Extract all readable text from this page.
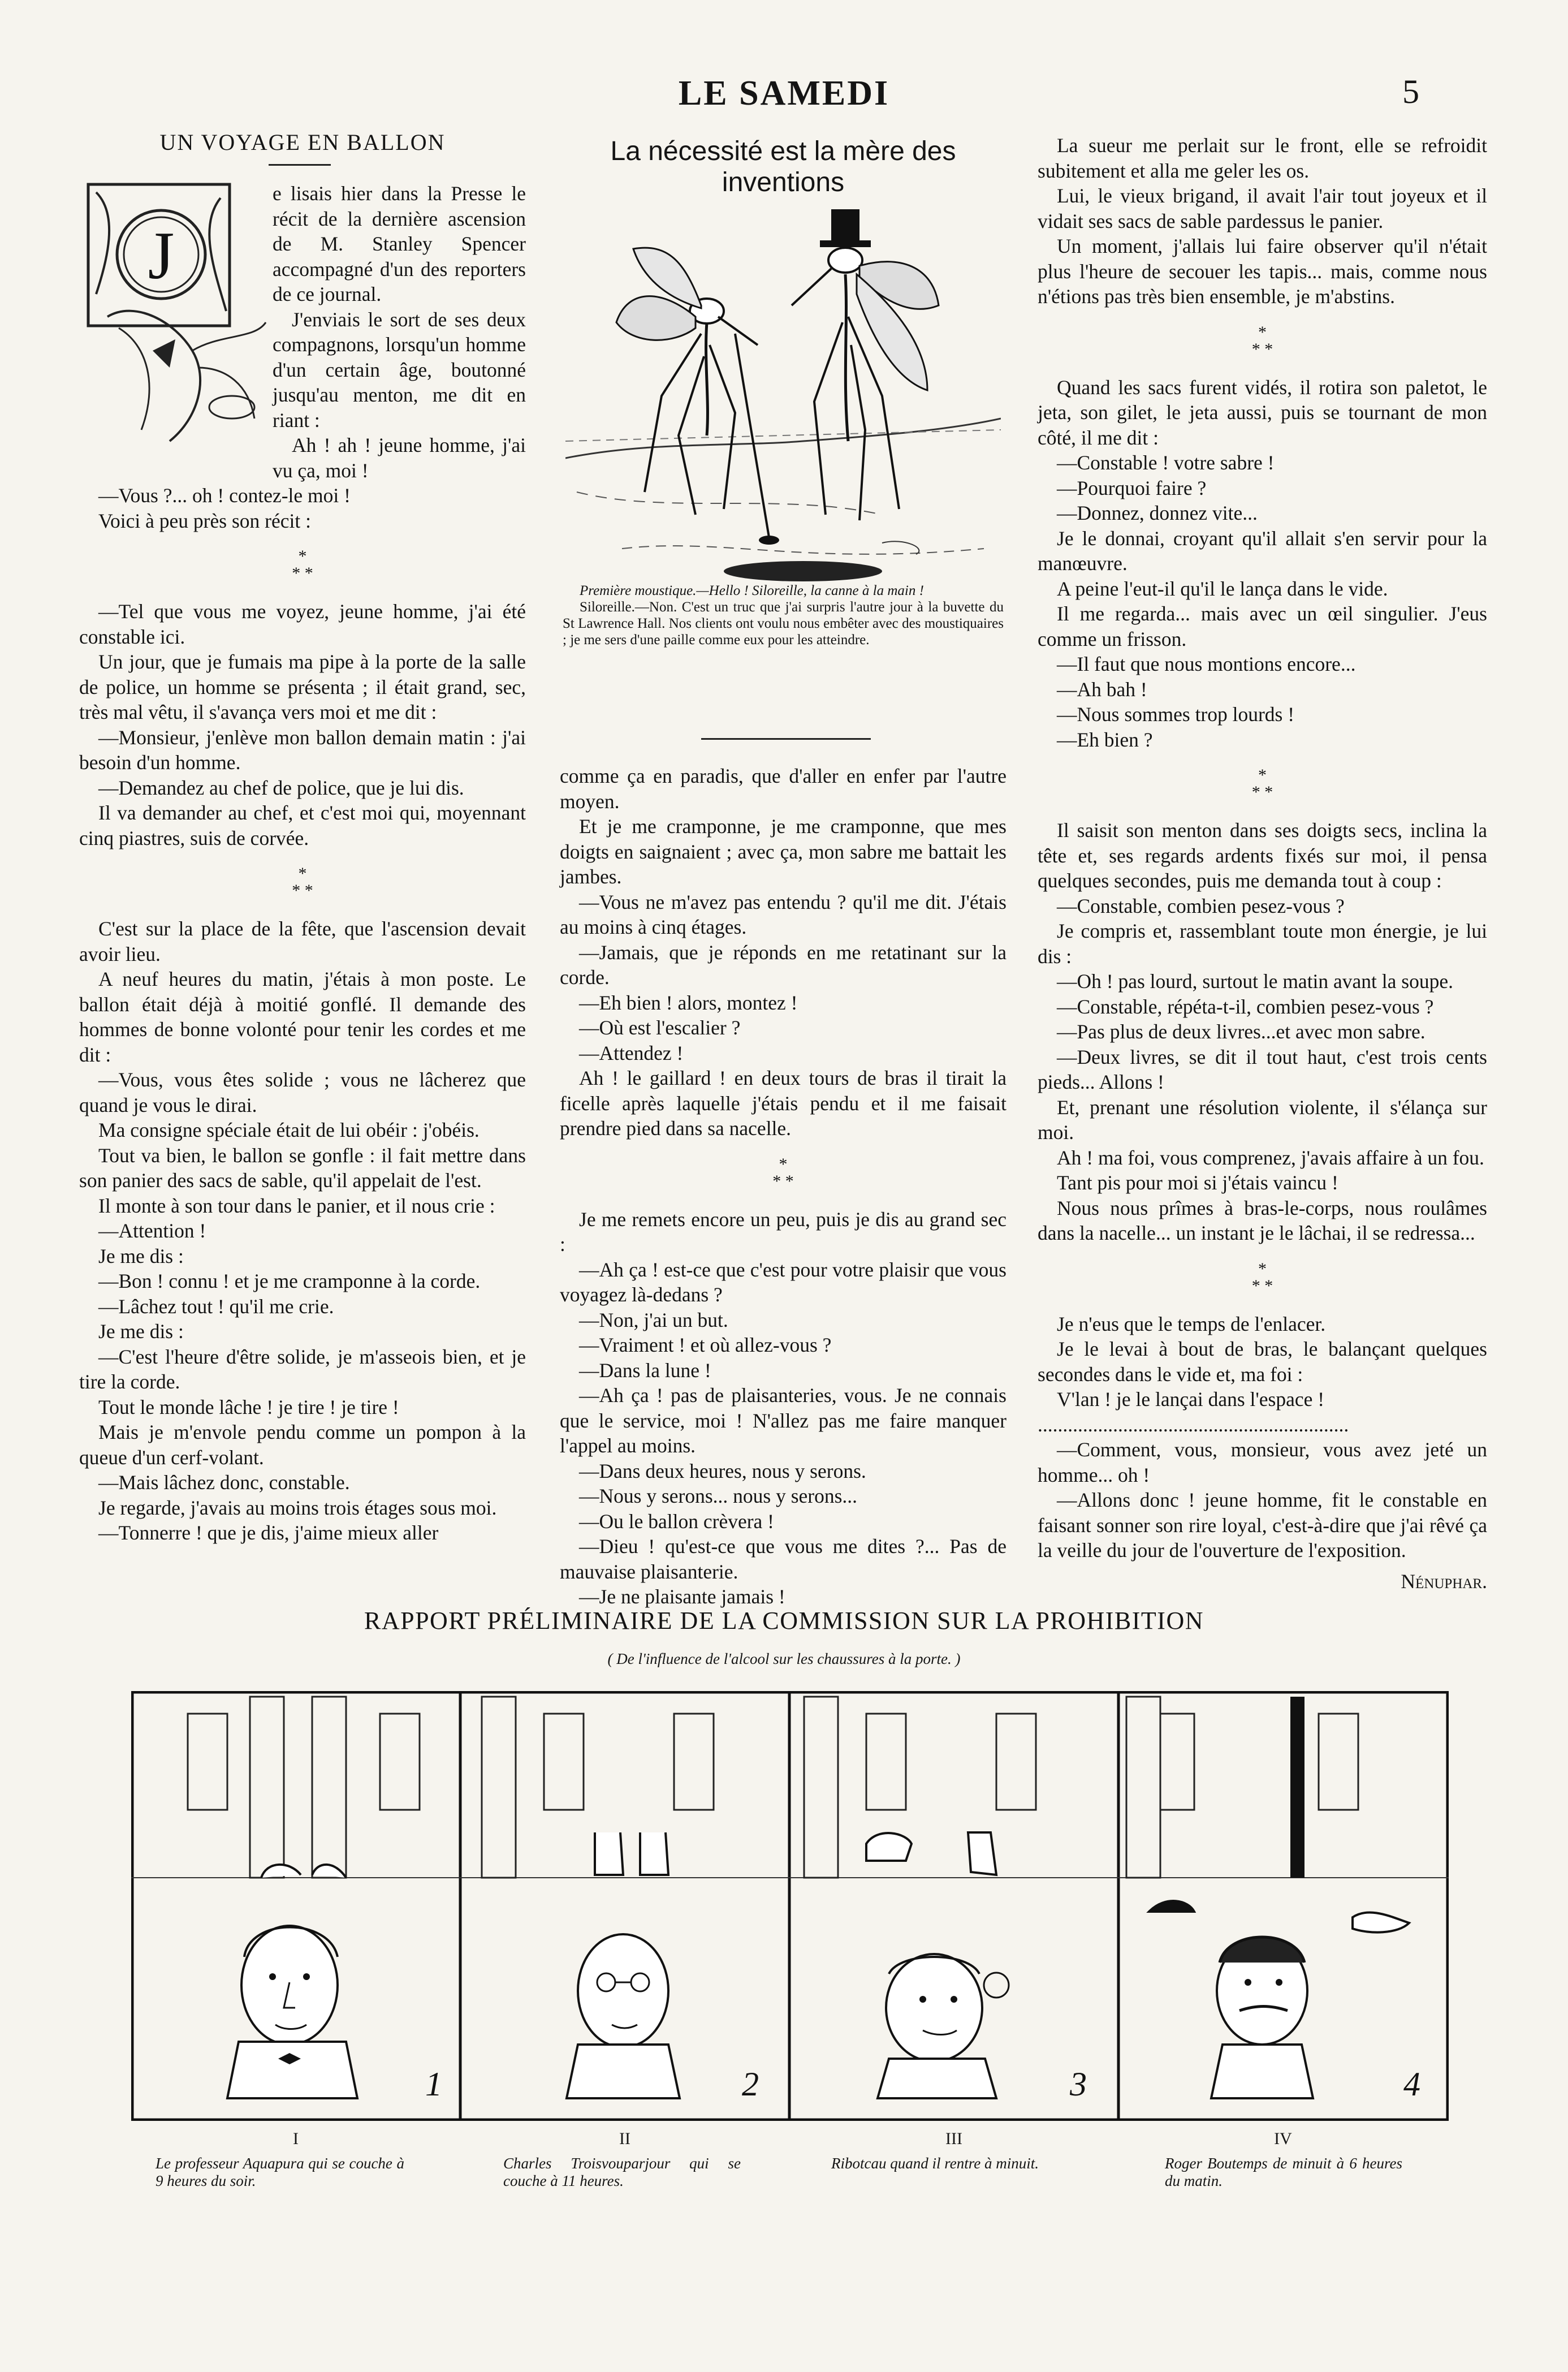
LE SAMEDI	5
UN VOYAGE EN BALLON
J

e lisais hier dans la Presse le récit de la dernière ascension de M. Stanley Spencer accompagné d'un des reporters de ce journal.

J'enviais le sort de ses deux compagnons, lorsqu'un homme d'un certain âge, boutonné jusqu'au menton, me dit en riant :

Ah ! ah ! jeune homme, j'ai vu ça, moi !

—Vous ?... oh ! contez-le moi !

Voici à peu près son récit :

*
* *

—Tel que vous me voyez, jeune homme, j'ai été constable ici.

Un jour, que je fumais ma pipe à la porte de la salle de police, un homme se présenta ; il était grand, sec, très mal vêtu, il s'avança vers moi et me dit :

—Monsieur, j'enlève mon ballon demain matin : j'ai besoin d'un homme.

—Demandez au chef de police, que je lui dis.

Il va demander au chef, et c'est moi qui, moyennant cinq piastres, suis de corvée.

*
* *

C'est sur la place de la fête, que l'ascension devait avoir lieu.

A neuf heures du matin, j'étais à mon poste. Le ballon était déjà à moitié gonflé. Il demande des hommes de bonne volonté pour tenir les cordes et me dit :

—Vous, vous êtes solide ; vous ne lâcherez que quand je vous le dirai.

Ma consigne spéciale était de lui obéir : j'obéis.

Tout va bien, le ballon se gonfle : il fait mettre dans son panier des sacs de sable, qu'il appelait de l'est.

Il monte à son tour dans le panier, et il nous crie :

—Attention !

Je me dis :

—Bon ! connu ! et je me cramponne à la corde.

—Lâchez tout ! qu'il me crie.

Je me dis :

—C'est l'heure d'être solide, je m'asseois bien, et je tire la corde.

Tout le monde lâche ! je tire ! je tire !

Mais je m'envole pendu comme un pompon à la queue d'un cerf-volant.

—Mais lâchez donc, constable.

Je regarde, j'avais au moins trois étages sous moi.

—Tonnerre ! que je dis, j'aime mieux aller

La nécessité est la mère des inventions

Première moustique.—Hello ! Siloreille, la canne à la main !

Siloreille.—Non. C'est un truc que j'ai surpris l'autre jour à la buvette du St Lawrence Hall. Nos clients ont voulu nous embêter avec des moustiquaires ; je me sers d'une paille comme eux pour les atteindre.

comme ça en paradis, que d'aller en enfer par l'autre moyen.

Et je me cramponne, je me cramponne, que mes doigts en saignaient ; avec ça, mon sabre me battait les jambes.

—Vous ne m'avez pas entendu ? qu'il me dit. J'étais au moins à cinq étages.

—Jamais, que je réponds en me retatinant sur la corde.

—Eh bien ! alors, montez !

—Où est l'escalier ?

—Attendez !

Ah ! le gaillard ! en deux tours de bras il tirait la ficelle après laquelle j'étais pendu et il me faisait prendre pied dans sa nacelle.

*
* *

Je me remets encore un peu, puis je dis au grand sec :

—Ah ça ! est-ce que c'est pour votre plaisir que vous voyagez là-dedans ?

—Non, j'ai un but.

—Vraiment ! et où allez-vous ?

—Dans la lune !

—Ah ça ! pas de plaisanteries, vous. Je ne connais que le service, moi ! N'allez pas me faire manquer l'appel au moins.

—Dans deux heures, nous y serons.

—Nous y serons... nous y serons...

—Ou le ballon crèvera !

—Dieu ! qu'est-ce que vous me dites ?... Pas de mauvaise plaisanterie.

—Je ne plaisante jamais !

La sueur me perlait sur le front, elle se refroidit subitement et alla me geler les os.

Lui, le vieux brigand, il avait l'air tout joyeux et il vidait ses sacs de sable pardessus le panier.

Un moment, j'allais lui faire observer qu'il n'était plus l'heure de secouer les tapis... mais, comme nous n'étions pas très bien ensemble, je m'abstins.

*
* *

Quand les sacs furent vidés, il rotira son paletot, le jeta, son gilet, le jeta aussi, puis se tournant de mon côté, il me dit :

—Constable ! votre sabre !

—Pourquoi faire ?

—Donnez, donnez vite...

Je le donnai, croyant qu'il allait s'en servir pour la manœuvre.

A peine l'eut-il qu'il le lança dans le vide.

Il me regarda... mais avec un œil singulier. J'eus comme un frisson.

—Il faut que nous montions encore...

—Ah bah !

—Nous sommes trop lourds !

—Eh bien ?

*
* *

Il saisit son menton dans ses doigts secs, inclina la tête et, ses regards ardents fixés sur moi, il pensa quelques secondes, puis me demanda tout à coup :

—Constable, combien pesez-vous ?

Je compris et, rassemblant toute mon énergie, je lui dis :

—Oh ! pas lourd, surtout le matin avant la soupe.

—Constable, répéta-t-il, combien pesez-vous ?

—Pas plus de deux livres...et avec mon sabre.

—Deux livres, se dit il tout haut, c'est trois cents pieds... Allons !

Et, prenant une résolution violente, il s'élança sur moi.

Ah ! ma foi, vous comprenez, j'avais affaire à un fou.

Tant pis pour moi si j'étais vaincu !

Nous nous prîmes à bras-le-corps, nous roulâmes dans la nacelle... un instant je le lâchai, il se redressa...

*
* *

Je n'eus que le temps de l'enlacer.

Je le levai à bout de bras, le balançant quelques secondes dans le vide et, ma foi :

V'lan ! je le lançai dans l'espace !

..............................................................

—Comment, vous, monsieur, vous avez jeté un homme... oh !

—Allons donc ! jeune homme, fit le constable en faisant sonner son rire loyal, c'est-à-dire que j'ai rêvé ça la veille du jour de l'ouverture de l'exposition.

Nénuphar.
RAPPORT PRÉLIMINAIRE DE LA COMMISSION SUR LA PROHIBITION
( De l'influence de l'alcool sur les chaussures à la porte. )
1	2	3	4
I	II	III	IV
Le professeur Aquapura qui se couche à 9 heures du soir.
Charles Troisvouparjour qui se couche à 11 heures.
Ribotcau quand il rentre à minuit.	Roger Boutemps de minuit à 6 heures du matin.
